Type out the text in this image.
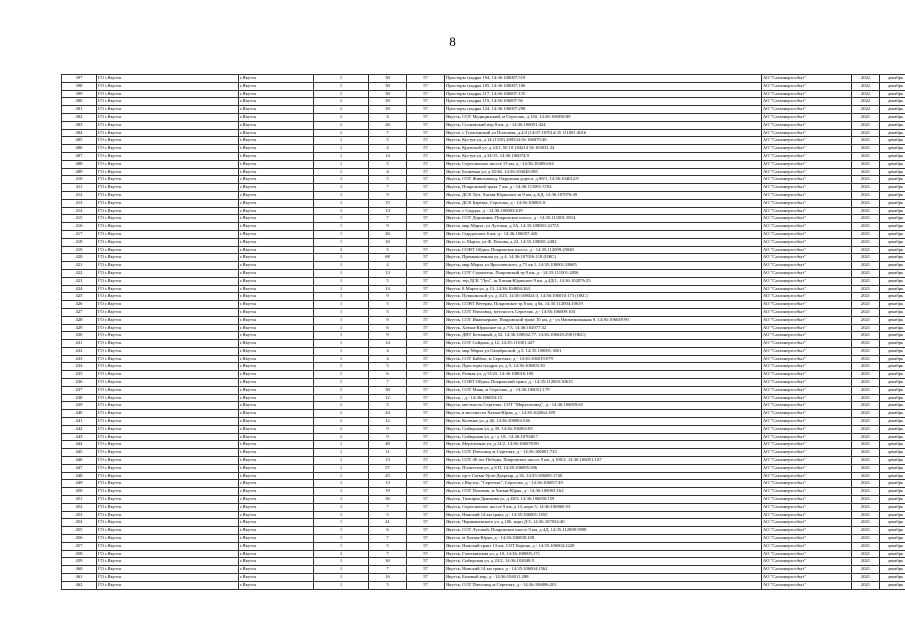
8
397	ГО г.Якутск	г.Якутск	1	30	57	Просторы тундры 104, 14:36:106007:519	АО "Сахаэнергосбыт"	2022	декабрь
398	ГО г.Якутск	г.Якутск	1	30	57	Просторы тундры 105, 14:36:106007:106	АО "Сахаэнергосбыт"	2022	декабрь
399	ГО г.Якутск	г.Якутск	1	30	57	Просторы тундры 117, 14:36:106007:135	АО "Сахаэнергосбыт"	2022	декабрь
400	ГО г.Якутск	г.Якутск	1	30	57	Просторы тундры 119, 14:36:106007:56	АО "Сахаэнергосбыт"	2022	декабрь
401	ГО г.Якутск	г.Якутск	1	30	57	Просторы тундры 124, 14:36:106007:298	АО "Сахаэнергосбыт"	2022	декабрь
402	ГО г.Якутск	г.Якутск	1	4	57	Якутск, СОТ Медицинский, м Сергелях, д 130, 14:36:106058:89	АО "Сахаэнергосбыт"	2021	декабрь
403	ГО г.Якутск	г.Якутск	1	26	57	Якутск, Сосновский пер 8 км, д - 14:36:106051:424	АО "Сахаэнергосбыт"	2021	декабрь
404	ГО г.Якутск	г.Якутск	1	7	57	Якутск, с.Тулагинский ул Почтовая, д.2/4 (14:07:107014:35 111001:4016	АО "Сахаэнергосбыт"	2021	декабрь
405	ГО г.Якутск	г.Якутск	1	5	57	Якутск, Кустук ул, д 14 (1310) 269534:56 106070:40	АО "Сахаэнергосбыт"	2021	декабрь
406	ГО г.Якутск	г.Якутск	1	2	57	Якутск, Крупской ул, д 24/1, 50 10 104214 56 103031 24	АО "Сахаэнергосбыт"	2021	декабрь
407	ГО г.Якутск	г.Якутск	1	14	57	Якутск, Кустук ул, д 34/15, 14:36:106074:9	АО "Сахаэнергосбыт"	2021	декабрь
408	ГО г.Якутск	г.Якутск	1	5	57	Якутск, Сергеляхское шоссе 15 км, д - 14:36:104094:64	АО "Сахаэнергосбыт"	2021	декабрь
409	ГО г.Якутск	г.Якутск	1	4	57	Якутск, Бозиевна ул, д 45/46, 14:36:104048:585	АО "Сахаэнергосбыт"	2021	декабрь
410	ГО г.Якутск	г.Якутск	1	5	57	Якутск, СОТ Животновод, Окружная дорога, д 88/1, 14:36:104012:9	АО "Сахаэнергосбыт"	2021	декабрь
411	ГО г.Якутск	г.Якутск	1	7	57	Якутск, Покровский тракт 7 км, д - 14:36:111001:3704	АО "Сахаэнергосбыт"	2021	декабрь
412	ГО г.Якутск	г.Якутск	1	9	57	Якутск, ДСК Луч, Хатын-Юряхское ш 9 км, д 4/Д, 14:36:107076:49	АО "Сахаэнергосбыт"	2021	декабрь
413	ГО г.Якутск	г.Якутск	1	15	57	Якутск, ДСК Берёзка, Сергелях, д - 14:36:106001:8	АО "Сахаэнергосбыт"	2021	декабрь
414	ГО г.Якутск	г.Якутск	1	13	57	Якутск, с Сырдах, д - 14:36:106003:619	АО "Сахаэнергосбыт"	2021	декабрь
415	ГО г.Якутск	г.Якутск	1	7	57	Якутск, СОТ Дорожник, Покровское шоссе, д - 14:35:111001:3914	АО "Сахаэнергосбыт"	2021	декабрь
416	ГО г.Якутск	г.Якутск	1	9	57	Якутск, мкр Марха, ул Луговая, д 3А, 14:35:108001:22755	АО "Сахаэнергосбыт"	2021	декабрь
417	ГО г.Якутск	г.Якутск	1	26	57	Якутск, Сырдахское 6 км, д - 14:36:106057:426	АО "Сахаэнергосбыт"	2021	декабрь
418	ГО г.Якутск	г.Якутск	1	10	57	Якутск, п. Марха, ул Ф. Попова, д 22, 14:35:108001:2482	АО "Сахаэнергосбыт"	2021	декабрь
419	ГО г.Якутск	г.Якутск	1	5	57	Якутск, СОНТ Ойдон, Покровское шоссе, д - 14:35:112009:25840	АО "Сахаэнергосбыт"	2021	декабрь
420	ГО г.Якутск	г.Якутск	1	68	57	Якутск, Промышленная ул, д 4, 14:36:107016:118 (ОКС)	АО "Сахаэнергосбыт"	2021	декабрь
421	ГО г.Якутск	г.Якутск	1	4	57	Якутск, мкр Марха ул Ярославского, д 71 кв 1, 14:35:108001:28605	АО "Сахаэнергосбыт"	2021	декабрь
422	ГО г.Якутск	г.Якутск	1	13	57	Якутск, СОТ Строитель, Покровский тр 9 км, д - 14:35:111001:2856	АО "Сахаэнергосбыт"	2021	декабрь
423	ГО г.Якутск	г.Якутск	1	5	57	Якутск, тер ДСК "Луч", ш Хатын-Юряхское 9 км, д 4Д/1, 14:36:102076:25	АО "Сахаэнергосбыт"	2021	декабрь
424	ГО г.Якутск	г.Якутск	1	14	57	Якутск, 8 Марта ул, д 13, 14:36:104004:263	АО "Сахаэнергосбыт"	2021	декабрь
425	ГО г.Якутск	г.Якутск	1	9	57	Якутск, Пушкинской ул, д 3/25, 14:36:108024:3, 14:36:106010:173 (ОКС)	АО "Сахаэнергосбыт"	2021	декабрь
426	ГО г.Якутск	г.Якутск	1	5	57	Якутск, СОНТ Ветеран, Покровское тр 8 км, д 8а, 14:35:112004:10619	АО "Сахаэнергосбыт"	2021	декабрь
427	ГО г.Якутск	г.Якутск	1	5	57	Якутск, СОТ Пчеловод, местность Сергелях, д - 14:36:106009:104	АО "Сахаэнергосбыт"	2021	декабрь
428	ГО г.Якутск	г.Якутск	1	9	57	Якутск, СОТ Инженерное, Покровский тракт 10 км, д - ул Наименованная 9, 14:36:106049:90	АО "Сахаэнергосбыт"	2021	декабрь
429	ГО г.Якутск	г.Якутск	1	6	57	Якутск, Хатын-Юряхское ш, д 7/3, 14:36:102077:32	АО "Сахаэнергосбыт"	2021	декабрь
430	ГО г.Якутск	г.Якутск	1	9	57	Якутск, ДНТ Бетонный, д 52, 14:36:108032:77, 14:36:106029:298 (ОКС)	АО "Сахаэнергосбыт"	2021	декабрь
431	ГО г.Якутск	г.Якутск	1	14	57	Якутск, СОТ Сайдыы, д 12, 14:35:111001:427	АО "Сахаэнергосбыт"	2021	декабрь
432	ГО г.Якутск	г.Якутск	1	4	57	Якутск, мкр Марха ул Октябрьской, д 5, 14:35:108001:3601	АО "Сахаэнергосбыт"	2021	декабрь
433	ГО г.Якутск	г.Якутск	1	4	57	Якутск, СОТ Байбал, м Сергелях, д - 14:36:106019:079	АО "Сахаэнергосбыт"	2021	декабрь
434	ГО г.Якутск	г.Якутск	1	5	57	Якутск, Просторы тундры ул, д 5, 14:36:106003:39	АО "Сахаэнергосбыт"	2021	декабрь
435	ГО г.Якутск	г.Якутск	1	6	57	Якутск, Речная ул, д 13/25, 14:36:108016:100	АО "Сахаэнергосбыт"	2021	декабрь
436	ГО г.Якутск	г.Якутск	1	7	57	Якутск, СОНТ Ойдон, Покровский тракт, д - 14:35:112003:30615	АО "Сахаэнергосбыт"	2021	декабрь
437	ГО г.Якутск	г.Якутск	1	30	57	Якутск, СОТ Маяк, м Сергелях, д - 14:36:106051:179	АО "Сахаэнергосбыт"	2021	декабрь
438	ГО г.Якутск	г.Якутск	1	12	57	Якутск, , д - 14:36:106053:15	АО "Сахаэнергосбыт"	2021	декабрь
439	ГО г.Якутск	г.Якутск	1	5	57	Якутск, местность Сергелях, СОТ "Мерзлотовед", д - 14:36:106059:65	АО "Сахаэнергосбыт"	2021	декабрь
440	ГО г.Якутск	г.Якутск	1	44	57	Якутск, в местности Хатын-Юрях, д - 14:36:102064:189	АО "Сахаэнергосбыт"	2021	декабрь
441	ГО г.Якутск	г.Якутск	1	12	57	Якутск, Котенко ул, д 46, 14:36:106004:546	АО "Сахаэнергосбыт"	2021	декабрь
442	ГО г.Якутск	г.Якутск	1	9	57	Якутск, Сибирская ул, д 39, 14:36:106063:83	АО "Сахаэнергосбыт"	2021	декабрь
443	ГО г.Якутск	г.Якутск	1	9	57	Якутск, Сибирская ул, д - у 10/, 14:36:107040:7	АО "Сахаэнергосбыт"	2021	декабрь
444	ГО г.Якутск	г.Якутск	1	48	57	Якутск, Мерзлотная ул, д 14/2, 14:36:106078:90	АО "Сахаэнергосбыт"	2021	декабрь
445	ГО г.Якутск	г.Якутск	1	11	57	Якутск, СОТ Пчеловод м Сергелях, д - 14:36:106001:735	АО "Сахаэнергосбыт"	2021	декабрь
446	ГО г.Якутск	г.Якутск	1	13	57	Якутск, СОТ 40 лет Победы, Покровское шоссе 9 км, д 100/2, 14:36:106051:107	АО "Сахаэнергосбыт"	2021	декабрь
447	ГО г.Якутск	г.Якутск	1	57	57	Якутск, Политехов ул, д 8 П, 14:36:106005:586	АО "Сахаэнергосбыт"	2021	декабрь
448	ГО г.Якутск	г.Якутск	1	25	57	Якутск, пр-т Сатык-Урэх-Дьаргыр, д 1Б, 14:35:106005:1740	АО "Сахаэнергосбыт"	2021	декабрь
449	ГО г.Якутск	г.Якутск	1	13	57	Якутск, г.Якутск, "Сергелях", Сергелях, д - 14:36:106057:49	АО "Сахаэнергосбыт"	2021	декабрь
450	ГО г.Якутск	г.Якутск	1	19	57	Якутск, СОТ Полевик, м Хатын-Юрях, д - 14:36:106065:162	АО "Сахаэнергосбыт"	2021	декабрь
451	ГО г.Якутск	г.Якутск	1	56	57	Якутск, Тимофея Дьячкова ул, д 48/3, 14:36:106050:159	АО "Сахаэнергосбыт"	2021	декабрь
452	ГО г.Якутск	г.Якутск	1	7	57	Якутск, Сергеляхское шоссе 9 км, д 14, корп 5, 14:36:106060:53	АО "Сахаэнергосбыт"	2021	декабрь
453	ГО г.Якутск	г.Якутск	1	5	57	Якутск, Намский 14 км тракт, д - 14:35:106001:1055	АО "Сахаэнергосбыт"	2021	декабрь
454	ГО г.Якутск	г.Якутск	1	41	57	Якутск, Чернышевского ул, д 106, корп Д-5, 14:36:107034:40	АО "Сахаэнергосбыт"	2021	декабрь
455	ГО г.Якутск	г.Якутск	1	6	57	Якутск, СОТ Луговой, Покровское шоссе 9 км, д 4Д, 14:35:112009:5998	АО "Сахаэнергосбыт"	2021	декабрь
456	ГО г.Якутск	г.Якутск	1	7	57	Якутск, м Хатын-Юрях, д - 14:36:106058:108	АО "Сахаэнергосбыт"	2021	декабрь
457	ГО г.Якутск	г.Якутск	1	5	57	Якутск, Намский тракт 13 км, СОТ Корень, д - 14:35:106004:2228	АО "Сахаэнергосбыт"	2021	декабрь
458	ГО г.Якутск	г.Якутск	1	7	57	Якутск, Газеткинская ул, д 10, 14:36:108005:171	АО "Сахаэнергосбыт"	2021	декабрь
459	ГО г.Якутск	г.Якутск	1	30	57	Якутск, Сибирская ул, д 23/2, 14:36:102048:5	АО "Сахаэнергосбыт"	2021	декабрь
460	ГО г.Якутск	г.Якутск	1	7	57	Якутск, Намский 14 км тракт, д - 14:35:106004:1562	АО "Сахаэнергосбыт"	2021	декабрь
461	ГО г.Якутск	г.Якутск	1	16	57	Якутск, Базовый пер, д - 14:36:104011:288	АО "Сахаэнергосбыт"	2021	декабрь
462	ГО г.Якутск	г.Якутск	1	5	57	Якутск, СОТ Пчеловод м Сергелях, д - 14:36:106006:201	АО "Сахаэнергосбыт"	2021	декабрь
